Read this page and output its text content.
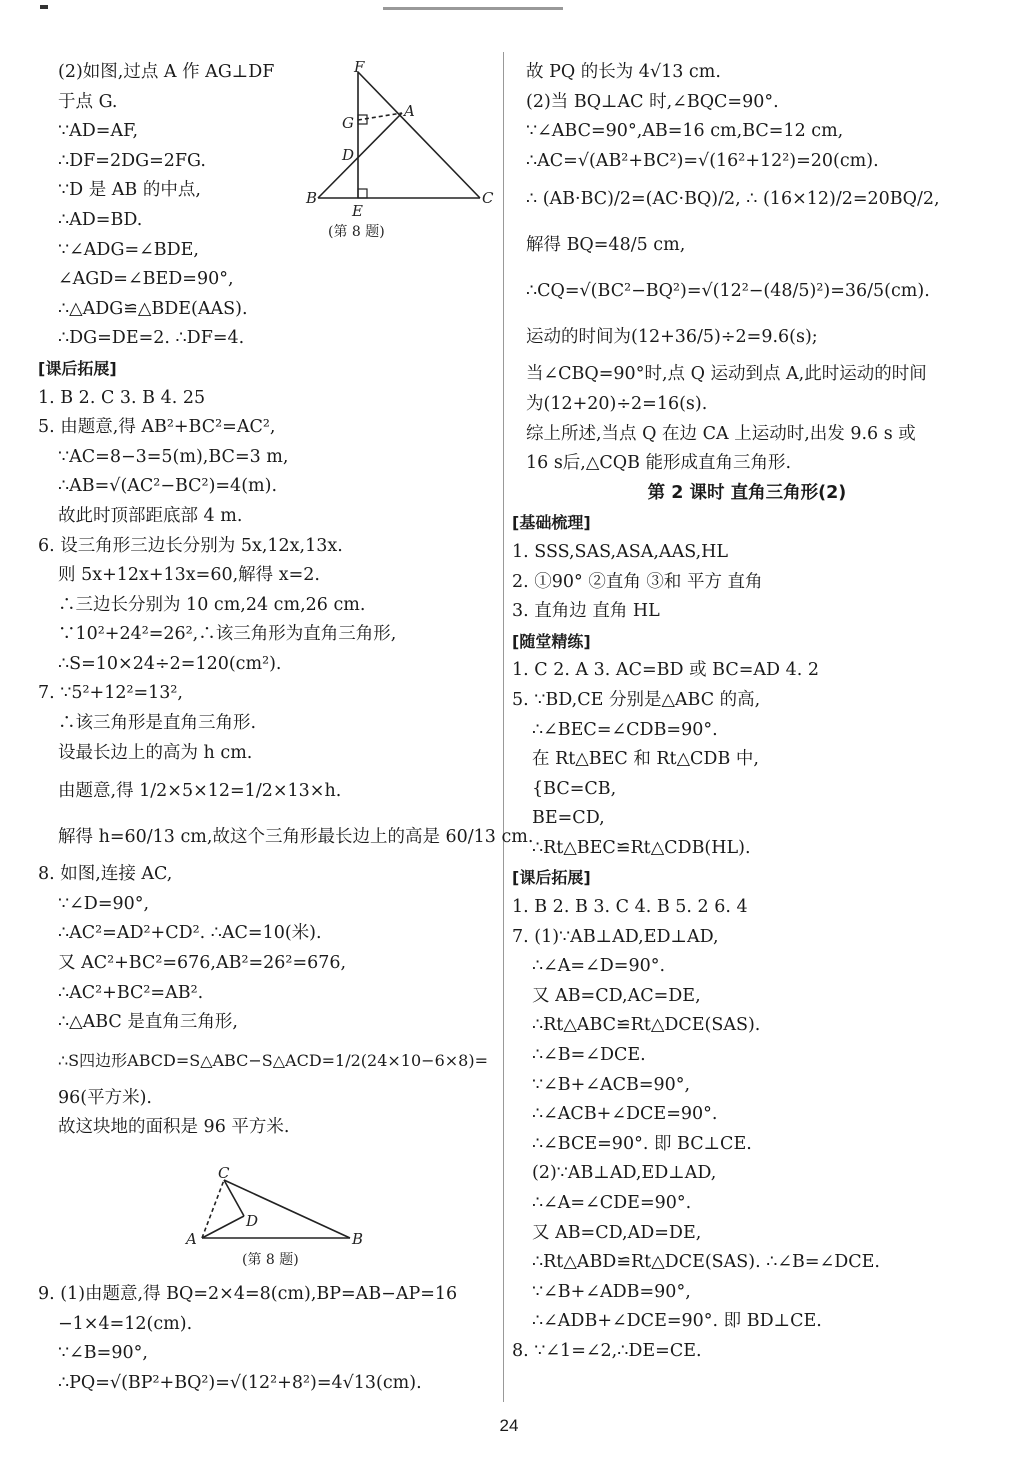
(2)如图,过点 A 作 AG⊥DF
于点 G.
∵AD=AF,
∴DF=2DG=2FG.
∵D 是 AB 的中点,
∴AD=BD.
∵∠ADG=∠BDE,
∠AGD=∠BED=90°,
∴△ADG≌△BDE(AAS).
∴DG=DE=2. ∴DF=4.
[课后拓展]
1. B 2. C 3. B 4. 25
5. 由题意,得 AB²+BC²=AC²,
∵AC=8−3=5(m),BC=3 m,
∴AB=√(AC²−BC²)=4(m).
故此时顶部距底部 4 m.
6. 设三角形三边长分别为 5x,12x,13x.
则 5x+12x+13x=60,解得 x=2.
∴三边长分别为 10 cm,24 cm,26 cm.
∵10²+24²=26²,∴该三角形为直角三角形,
∴S=10×24÷2=120(cm²).
7. ∵5²+12²=13²,
∴该三角形是直角三角形.
设最长边上的高为 h cm.
由题意,得 1/2×5×12=1/2×13×h.
解得 h=60/13 cm,故这个三角形最长边上的高是 60/13 cm.
8. 如图,连接 AC,
∵∠D=90°,
∴AC²=AD²+CD². ∴AC=10(米).
又 AC²+BC²=676,AB²=26²=676,
∴AC²+BC²=AB².
∴△ABC 是直角三角形,
∴S四边形ABCD=S△ABC−S△ACD=1/2(24×10−6×8)=
96(平方米).
故这块地的面积是 96 平方米.
9. (1)由题意,得 BQ=2×4=8(cm),BP=AB−AP=16
−1×4=12(cm).
∵∠B=90°,
∴PQ=√(BP²+BQ²)=√(12²+8²)=4√13(cm).
F
A
G
D
B
E
C
(第 8 题)
C
D
A	B
(第 8 题)
故 PQ 的长为 4√13 cm.
(2)当 BQ⊥AC 时,∠BQC=90°.
∵∠ABC=90°,AB=16 cm,BC=12 cm,
∴AC=√(AB²+BC²)=√(16²+12²)=20(cm).
∴ (AB·BC)/2=(AC·BQ)/2, ∴ (16×12)/2=20BQ/2,
解得 BQ=48/5 cm,
∴CQ=√(BC²−BQ²)=√(12²−(48/5)²)=36/5(cm).
运动的时间为(12+36/5)÷2=9.6(s);
当∠CBQ=90°时,点 Q 运动到点 A,此时运动的时间
为(12+20)÷2=16(s).
综上所述,当点 Q 在边 CA 上运动时,出发 9.6 s 或
16 s后,△CQB 能形成直角三角形.
第 2 课时 直角三角形(2)
[基础梳理]
1. SSS,SAS,ASA,AAS,HL
2. ①90° ②直角 ③和 平方 直角
3. 直角边 直角 HL
[随堂精练]
1. C 2. A 3. AC=BD 或 BC=AD 4. 2
5. ∵BD,CE 分别是△ABC 的高,
∴∠BEC=∠CDB=90°.
在 Rt△BEC 和 Rt△CDB 中,
{BC=CB,
BE=CD,
∴Rt△BEC≌Rt△CDB(HL).
[课后拓展]
1. B 2. B 3. C 4. B 5. 2 6. 4
7. (1)∵AB⊥AD,ED⊥AD,
∴∠A=∠D=90°.
又 AB=CD,AC=DE,
∴Rt△ABC≌Rt△DCE(SAS).
∴∠B=∠DCE.
∵∠B+∠ACB=90°,
∴∠ACB+∠DCE=90°.
∴∠BCE=90°. 即 BC⊥CE.
(2)∵AB⊥AD,ED⊥AD,
∴∠A=∠CDE=90°.
又 AB=CD,AD=DE,
∴Rt△ABD≌Rt△DCE(SAS). ∴∠B=∠DCE.
∵∠B+∠ADB=90°,
∴∠ADB+∠DCE=90°. 即 BD⊥CE.
8. ∵∠1=∠2,∴DE=CE.
24
